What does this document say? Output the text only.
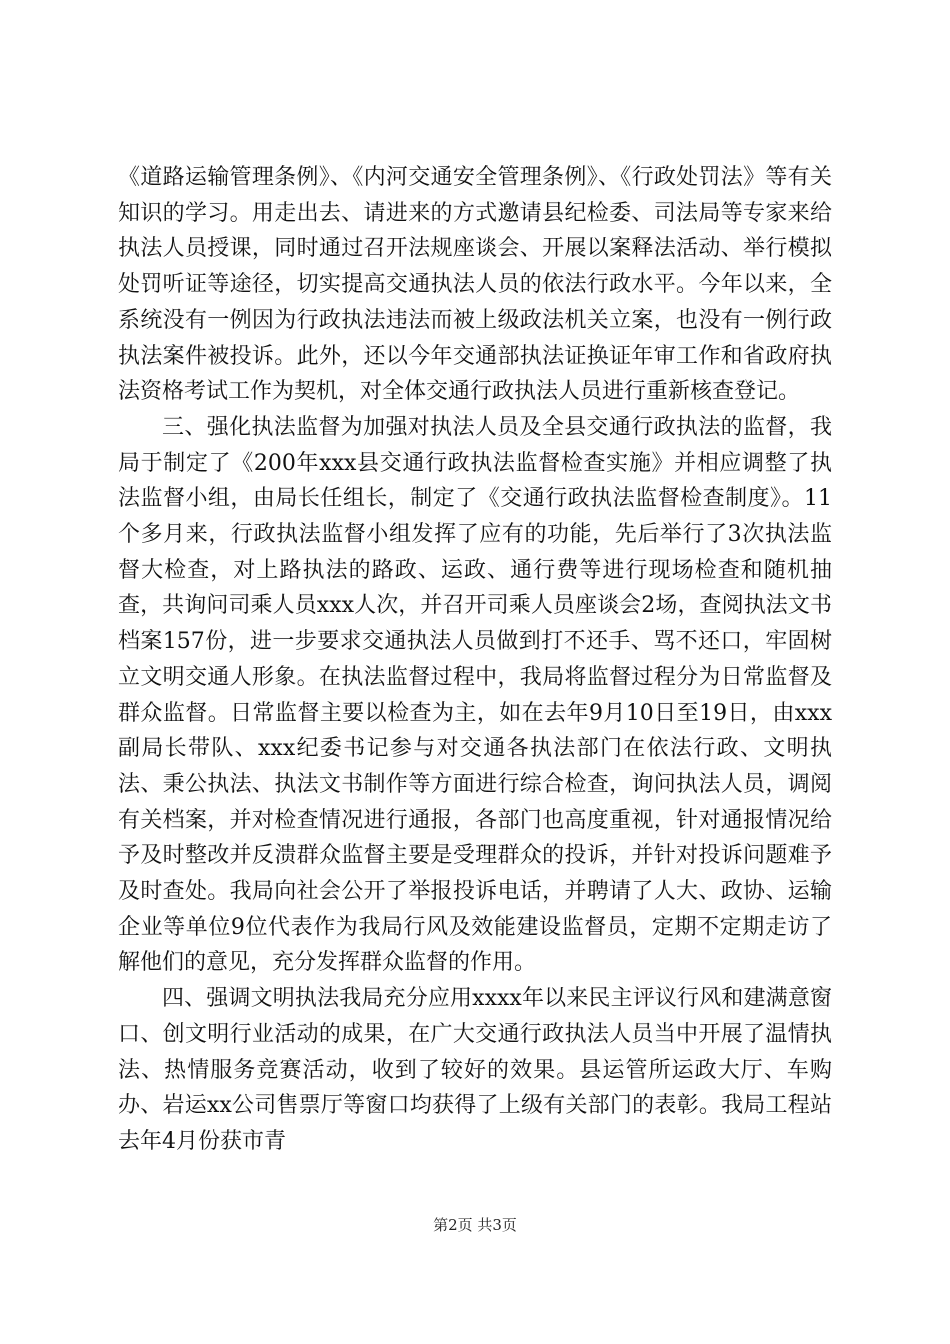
《道路运输管理条例》、《内河交通安全管理条例》、《行政处罚法》等有关知识的学习。用走出去、请进来的方式邀请县纪检委、司法局等专家来给执法人员授课，同时通过召开法规座谈会、开展以案释法活动、举行模拟处罚听证等途径，切实提高交通执法人员的依法行政水平。今年以来，全系统没有一例因为行政执法违法而被上级政法机关立案，也没有一例行政执法案件被投诉。此外，还以今年交通部执法证换证年审工作和省政府执法资格考试工作为契机，对全体交通行政执法人员进行重新核查登记。

三、强化执法监督为加强对执法人员及全县交通行政执法的监督，我局于制定了《200年xxx县交通行政执法监督检查实施》并相应调整了执法监督小组，由局长任组长，制定了《交通行政执法监督检查制度》。11个多月来，行政执法监督小组发挥了应有的功能，先后举行了3次执法监督大检查，对上路执法的路政、运政、通行费等进行现场检查和随机抽查，共询问司乘人员xxx人次，并召开司乘人员座谈会2场，查阅执法文书档案157份，进一步要求交通执法人员做到打不还手、骂不还口，牢固树立文明交通人形象。在执法监督过程中，我局将监督过程分为日常监督及群众监督。日常监督主要以检查为主，如在去年9月10日至19日，由xxx副局长带队、xxx纪委书记参与对交通各执法部门在依法行政、文明执法、秉公执法、执法文书制作等方面进行综合检查，询问执法人员，调阅有关档案，并对检查情况进行通报，各部门也高度重视，针对通报情况给予及时整改并反溃群众监督主要是受理群众的投诉，并针对投诉问题难予及时查处。我局向社会公开了举报投诉电话，并聘请了人大、政协、运输企业等单位9位代表作为我局行风及效能建设监督员，定期不定期走访了解他们的意见，充分发挥群众监督的作用。

四、强调文明执法我局充分应用xxxx年以来民主评议行风和建满意窗口、创文明行业活动的成果，在广大交通行政执法人员当中开展了温情执法、热情服务竞赛活动，收到了较好的效果。县运管所运政大厅、车购办、岩运xx公司售票厅等窗口均获得了上级有关部门的表彰。我局工程站去年4月份获市青

第2页 共3页
